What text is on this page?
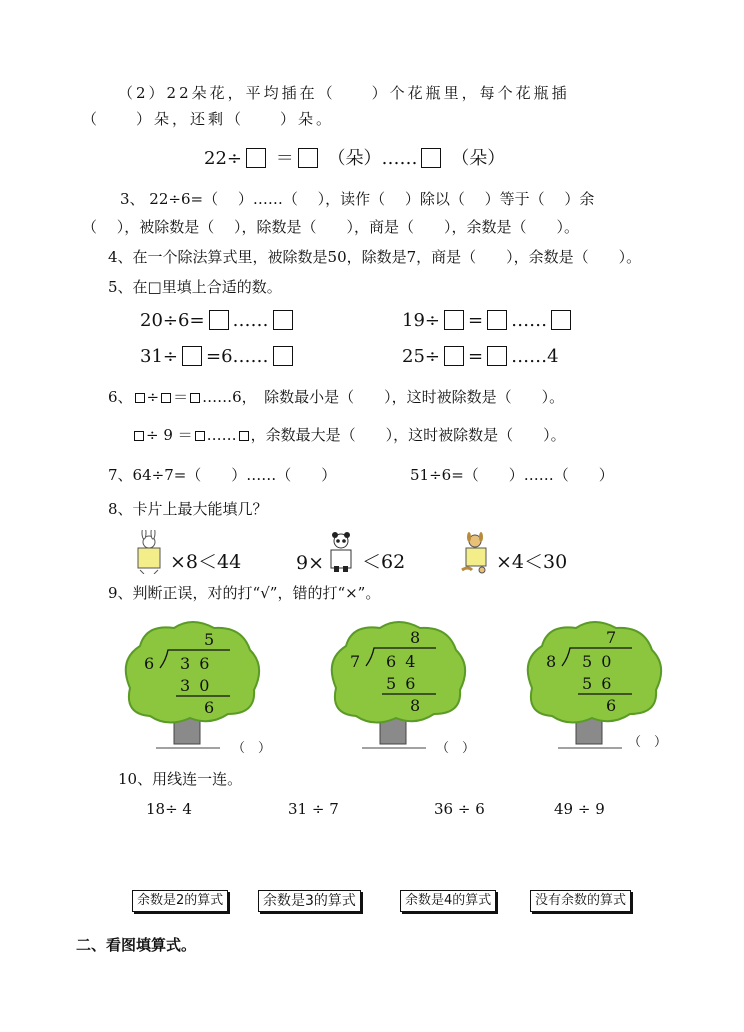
（2）22朵花，平均插在（　　）个花瓶里，每个花瓶插
（　　）朵，还剩（　　）朵。
22÷ ＝ （朵）…… （朵）
3、 22÷6=（　 ）……（　 ），读作（　 ）除以（　 ）等于（　 ）余
（　 ），被除数是（　 ），除数是（　　），商是（　　），余数是（　　）。
4、在一个除法算式里，被除数是50，除数是7，商是（　　），余数是（　　）。
5、在□里填上合适的数。
20÷6= ……	19÷ = ……
31÷ =6……	25÷ = ……4
6、 ÷ ＝ ……6，　除数最小是（　　），这时被除数是（　　）。
÷ 9 ＝ …… ，余数最大是（　　），这时被除数是（　　）。
7、64÷7=（　　）……（　　）	51÷6=（　　）……（　　）
8、卡片上最大能填几？
×8＜44	9× ＜62	×4＜30
9、判断正误，对的打“√”，错的打“×”。
5
6 3 6
3 0
6
8
7 6 4
5 6
8
7
8 5 0
5 6
6
（　）	（　）	（　）
10、用线连一连。
18÷ 4	31 ÷ 7	36 ÷ 6	49 ÷ 9
余数是2的算式	余数是3的算式	余数是4的算式	没有余数的算式
二、看图填算式。
